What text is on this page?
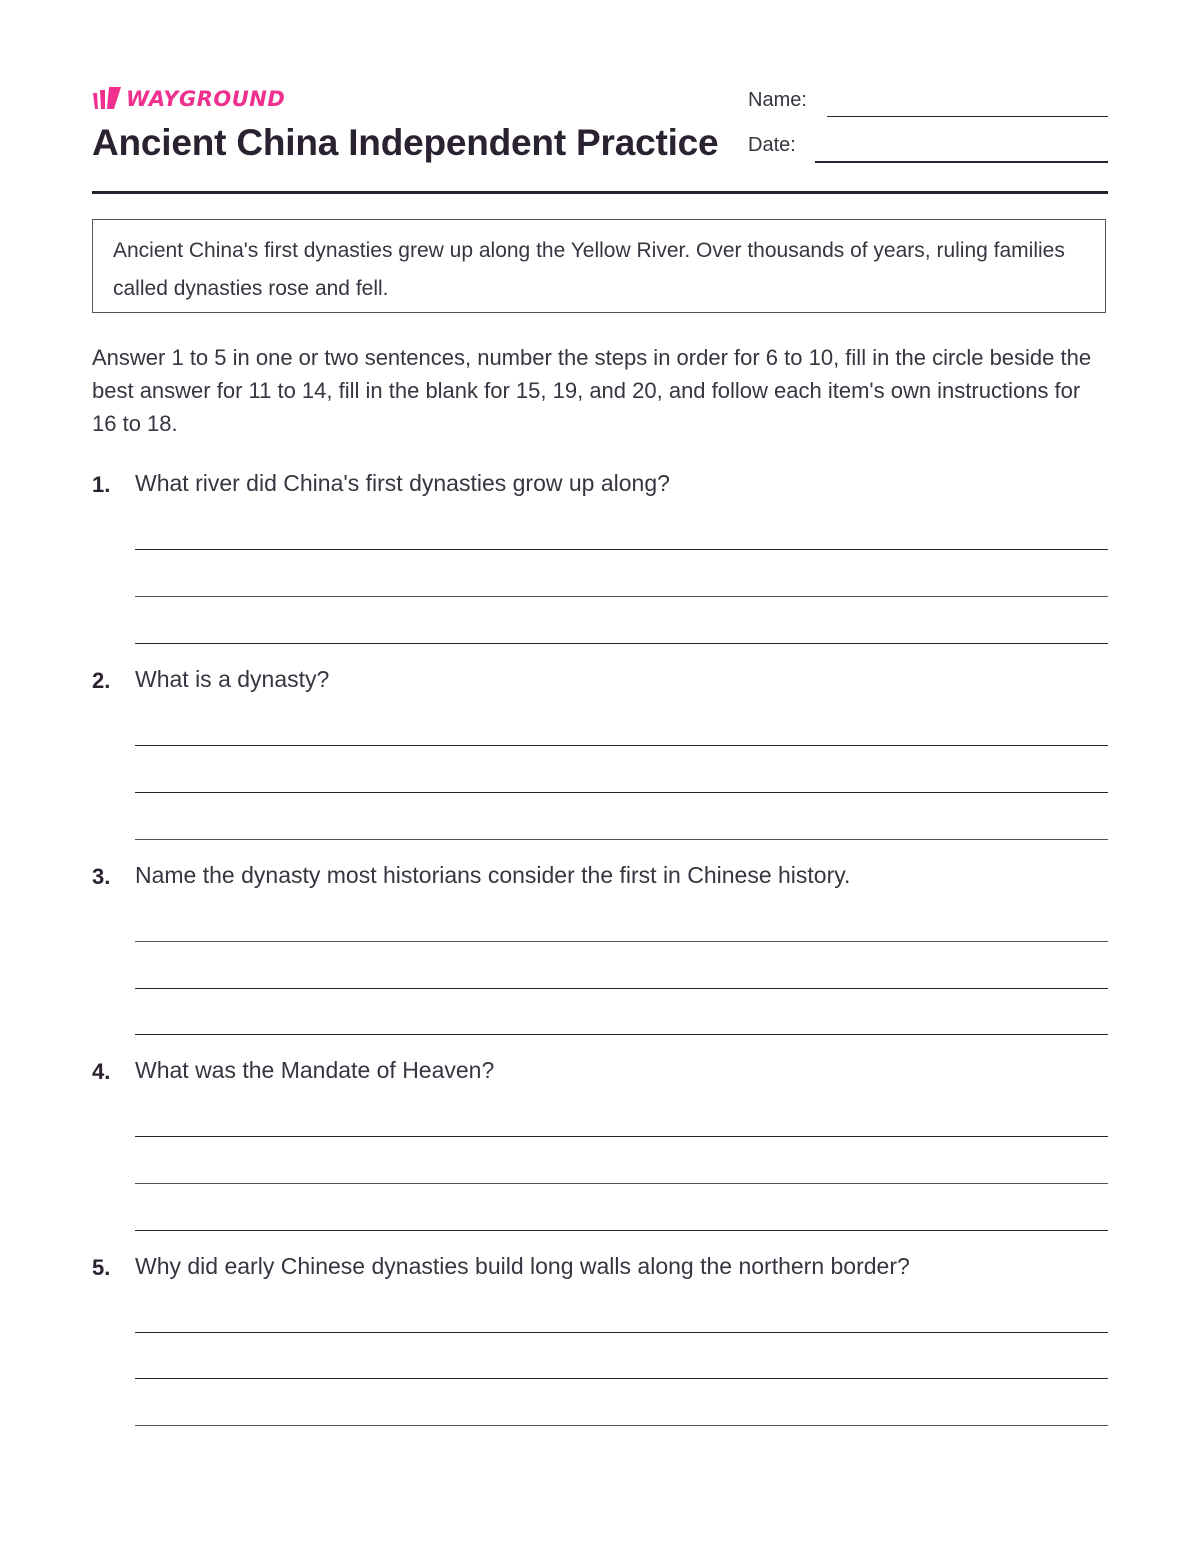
WAYGROUND
Ancient China Independent Practice
Name:
Date:

Ancient China's first dynasties grew up along the Yellow River. Over thousands of years, ruling families called dynasties rose and fell.

Answer 1 to 5 in one or two sentences, number the steps in order for 6 to 10, fill in the circle beside the best answer for 11 to 14, fill in the blank for 15, 19, and 20, and follow each item's own instructions for 16 to 18.

1. What river did China's first dynasties grow up along?
2. What is a dynasty?
3. Name the dynasty most historians consider the first in Chinese history.
4. What was the Mandate of Heaven?
5. Why did early Chinese dynasties build long walls along the northern border?
